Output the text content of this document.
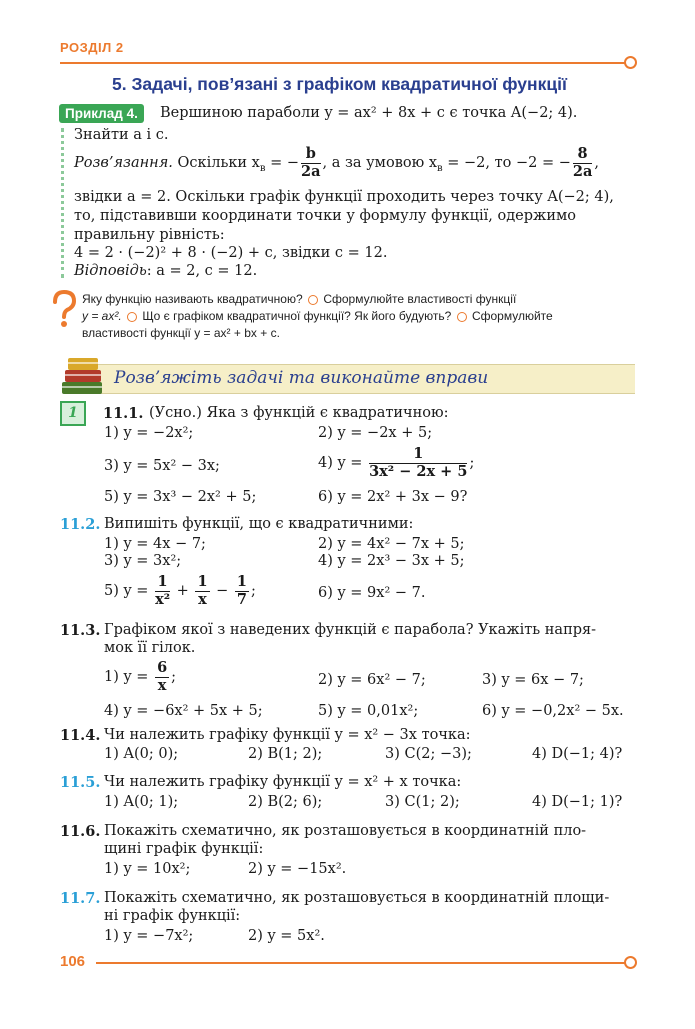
РОЗДІЛ 2
5. Задачі, пов’язані з графіком квадратичної функції
Приклад 4.	Вершиною параболи y = ax² + 8x + c є точка A(−2; 4).
Знайти a і c.
Розв’язання. Оскільки $x_в$ = − $\frac{b}{2a}$ , а за умовою $x_в = -2$, то −2 = − $\frac{8}{2a}$ ,
звідки a = 2. Оскільки графік функції проходить через точку A(−2; 4),
то, підставивши координати точки у формулу функції, одержимо
правильну рівність:
4 = 2 · (−2)² + 8 · (−2) + c, звідки c = 12.
Відповідь: a = 2, c = 12.
Яку функцію називають квадратичною? Сформулюйте властивості функції
y = ax². Що є графіком квадратичної функції? Як його будують? Сформулюйте
властивості функції y = ax² + bx + c.
Розв’яжіть задачі та виконайте вправи
1	11.1. (Усно.) Яка з функцій є квадратичною:
1) y = −2x²;	2) y = −2x + 5;
3) y = 5x² − 3x;	4) $y = \frac{1}{\text{3x² − 2x + 5}}$ ;
5) y = 3x³ − 2x² + 5;	6) y = 2x² + 3x − 9?
11.2. Випишіть функції, що є квадратичними:
1) y = 4x − 7;	2) y = 4x² − 7x + 5;
3) y = 3x²;	4) y = 2x³ − 3x + 5;
5) $y = \frac{1}{\text{x²}} + \frac{1}{x} - \frac{1}{7}$ ;	6) y = 9x² − 7.
11.3. Графіком якої з наведених функцій є парабола? Укажіть напря-
мок її гілок.
1) $y = \frac{6}{x}$ ;	2) y = 6x² − 7;	3) y = 6x − 7;
4) y = −6x² + 5x + 5;	5) y = 0,01x²;	6) y = −0,2x² − 5x.
11.4. Чи належить графіку функції y = x² − 3x точка:
1) A(0; 0);	2) B(1; 2);	3) C(2; −3);	4) D(−1; 4)?
11.5. Чи належить графіку функції y = x² + x точка:
1) A(0; 1);	2) B(2; 6);	3) C(1; 2);	4) D(−1; 1)?
11.6. Покажіть схематично, як розташовується в координатній пло-
щині графік функції:
1) y = 10x²;	2) y = −15x².
11.7. Покажіть схематично, як розташовується в координатній площи-
ні графік функції:
1) y = −7x²;	2) y = 5x².
106
